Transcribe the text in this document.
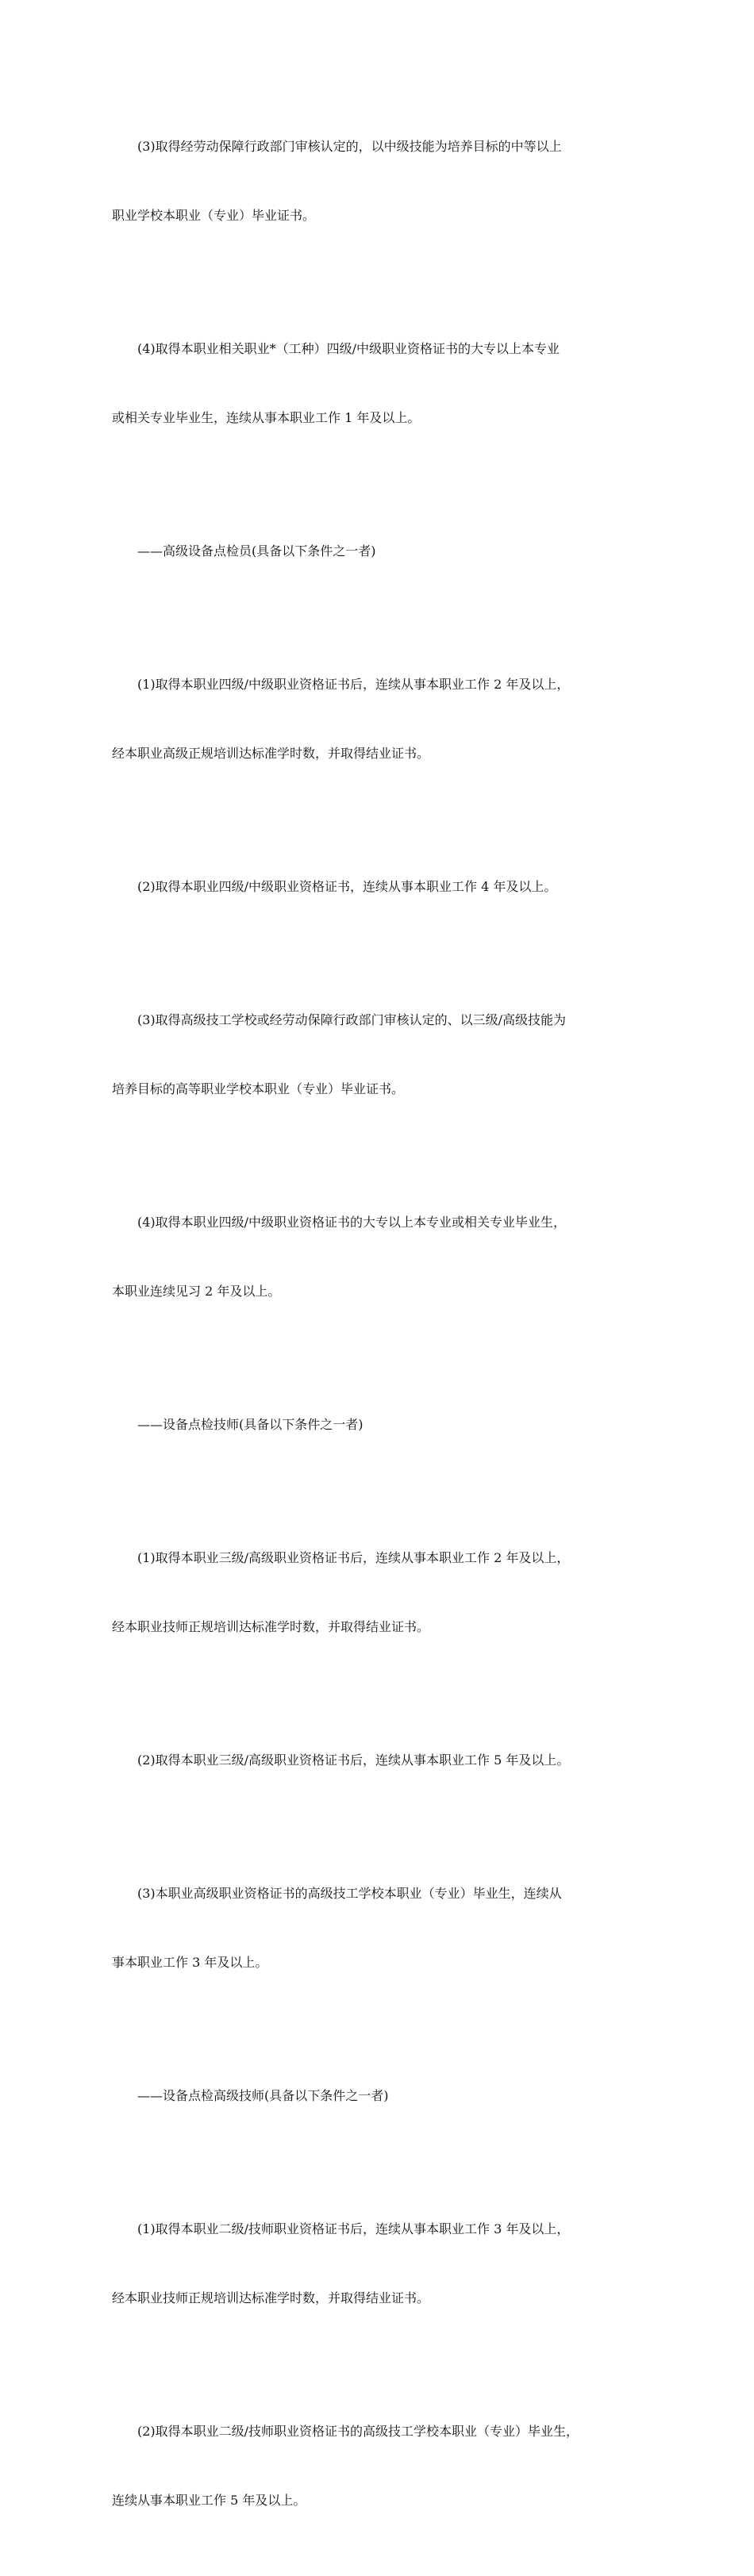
(3)取得经劳动保障行政部门审核认定的，以中级技能为培养目标的中等以上

职业学校本职业（专业）毕业证书。

(4)取得本职业相关职业*（工种）四级/中级职业资格证书的大专以上本专业

或相关专业毕业生，连续从事本职业工作 1 年及以上。

——高级设备点检员(具备以下条件之一者)

(1)取得本职业四级/中级职业资格证书后，连续从事本职业工作 2 年及以上，

经本职业高级正规培训达标准学时数，并取得结业证书。

(2)取得本职业四级/中级职业资格证书，连续从事本职业工作 4 年及以上。

(3)取得高级技工学校或经劳动保障行政部门审核认定的、以三级/高级技能为

培养目标的高等职业学校本职业（专业）毕业证书。

(4)取得本职业四级/中级职业资格证书的大专以上本专业或相关专业毕业生，

本职业连续见习 2 年及以上。

——设备点检技师(具备以下条件之一者)

(1)取得本职业三级/高级职业资格证书后，连续从事本职业工作 2 年及以上，

经本职业技师正规培训达标准学时数，并取得结业证书。

(2)取得本职业三级/高级职业资格证书后，连续从事本职业工作 5 年及以上。

(3)本职业高级职业资格证书的高级技工学校本职业（专业）毕业生，连续从

事本职业工作 3 年及以上。

——设备点检高级技师(具备以下条件之一者)

(1)取得本职业二级/技师职业资格证书后，连续从事本职业工作 3 年及以上，

经本职业技师正规培训达标准学时数，并取得结业证书。

(2)取得本职业二级/技师职业资格证书的高级技工学校本职业（专业）毕业生，

连续从事本职业工作 5 年及以上。
